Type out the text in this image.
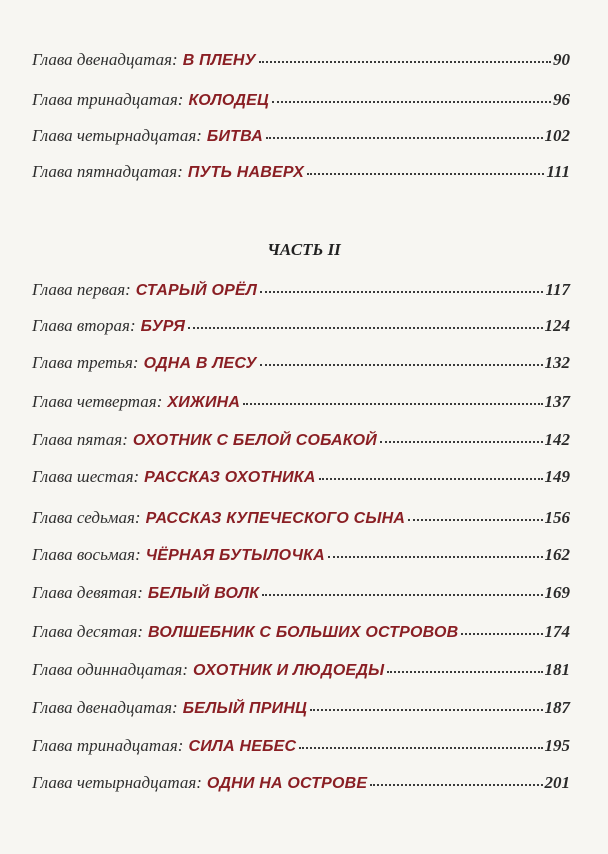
Глава двенадцатая: В ПЛЕНУ	90
Глава тринадцатая: КОЛОДЕЦ	96
Глава четырнадцатая: БИТВА	102
Глава пятнадцатая: ПУТЬ НАВЕРХ	111
ЧАСТЬ II
Глава первая: СТАРЫЙ ОРЁЛ	117
Глава вторая: БУРЯ	124
Глава третья: ОДНА В ЛЕСУ	132
Глава четвертая: ХИЖИНА	137
Глава пятая: ОХОТНИК С БЕЛОЙ СОБАКОЙ	142
Глава шестая: РАССКАЗ ОХОТНИКА	149
Глава седьмая: РАССКАЗ КУПЕЧЕСКОГО СЫНА	156
Глава восьмая: ЧЁРНАЯ БУТЫЛОЧКА	162
Глава девятая: БЕЛЫЙ ВОЛК	169
Глава десятая: ВОЛШЕБНИК С БОЛЬШИХ ОСТРОВОВ	174
Глава одиннадцатая: ОХОТНИК И ЛЮДОЕДЫ	181
Глава двенадцатая: БЕЛЫЙ ПРИНЦ	187
Глава тринадцатая: СИЛА НЕБЕС	195
Глава четырнадцатая: ОДНИ НА ОСТРОВЕ	201
